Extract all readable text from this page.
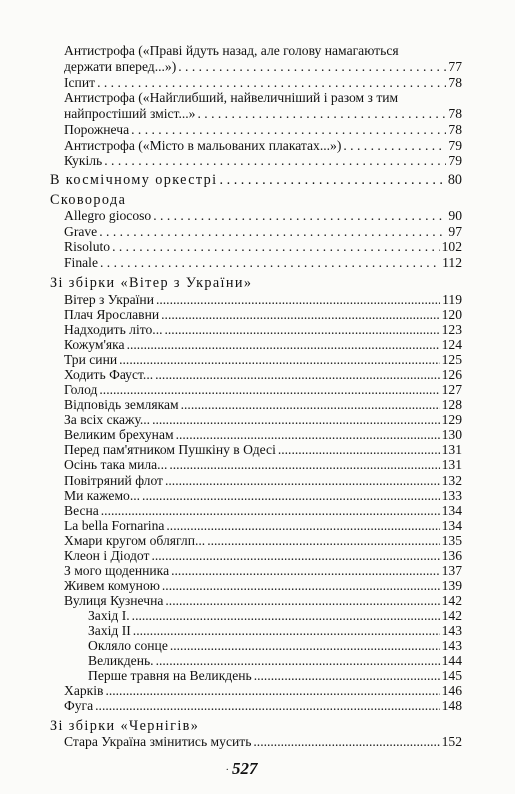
Антистрофа («Праві йдуть назад, але голову намагаються
держати вперед...») . . .	77
Іспит . . .	78
Антистрофа («Найглибший, найвеличніший і разом з тим
найпростіший зміст...» . . .	78
Порожнеча . . .	78
Антистрофа («Місто в мальованих плакатах...») . . .	79
Кукіль . . .	79
В космічному оркестрі . . .	80
Сковорода
Allegro giocoso . . .	90
Grave . . .	97
Risoluto . . .	102
Finale . . .	112
Зі збірки «Вітер з України»
Вітер з України .....	119
Плач Ярославни .....	120
Надходить літо... .....	123
Кожум'яка .....	124
Три сини .....	125
Ходить Фауст... .....	126
Голод .....	127
Відповідь землякам .....	128
За всіх скажу... .....	129
Великим брехунам .....	130
Перед пам'ятником Пушкіну в Одесі .....	131
Осінь така мила... .....	131
Повітряний флот .....	132
Ми кажемо... .....	133
Весна .....	134
La bella Fornarina .....	134
Хмари кругом обляглп... .....	135
Клеон і Діодот .....	136
З мого щоденника .....	137
Живем комуною .....	139
Вулиця Кузнечна .....	142
Захід I. .....	142
Захід II .....	143
Окляло сонце .....	143
Великдень. .....	144
Перше травня на Великдень .....	145
Харків .....	146
Фуга .....	148
Зі збірки «Чернігів»
Стара Україна змінитись мусить .....	152
. 527
